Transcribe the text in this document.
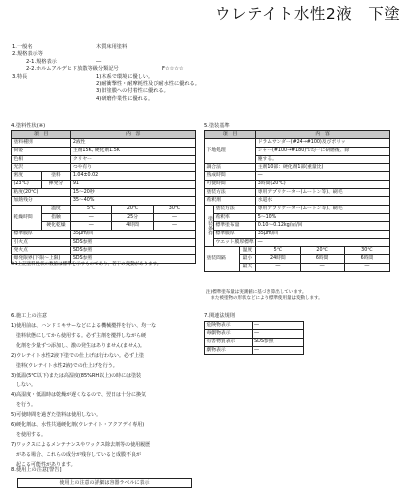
ウレテイト水性2液　下塗
1.一般名	木質床用塗料
2.規格表示等
2-1.規格表示	―
2-2.ホルムアルデヒド放散等級分類記号	F☆☆☆☆
3.特長	1)木系で環境に優しい。
2)耐衝撃性・耐摩耗性及び耐水性に優れる。
3)旧塗膜への付着性に優れる。
4)研磨作業性に優れる。
4.塗料性状(※)
項　目		内　容		
塗料種別		2液性		
荷姿		主剤15K, 硬化剤1.5K		
色相		クリヤー		
光沢		つや有り		
密度	塗料	1.04±0.02		
(23℃)	揮発分	91		
粘度(20℃)		15～20秒		
加熱残分		35～40%		
乾燥時間	温度	5℃	20℃	30℃
	指触	―	25分	―
	硬化乾燥	―	4時間	―
標準膜厚		35μm/回		
引火点		SDS参照		
発火点		SDS参照		
爆発限界(下限～上限)		SDS参照		
※1上記塗料性状の数値は標準を示すものであり、若干の変動があります。
5.塗装基準
項　目			内　容		
下地処理			ドラムサンダー(#24→#100)及びポリッ		
			シャー(#100→#180)で均一に研磨後、除		
			塵する。		
調合法			主剤10部：硬化剤1部(重量比)		
熟成時間			―		
可使時間			3時間(20℃)		
塗装方法			専用アプリケーター(ムートン等)、刷毛		
希釈剤			水道水		
塗装条件	塗装方法		専用アプリケーター(ムートン等)、刷毛		
	希釈率		5～10%		
	標準塗布量		0.10～0.12kg/㎡/回		
	標準膜厚		35μm/回		
	ウエット膜厚標準		―		
塗装間隔		温度	5℃	20℃	30℃
		最小	24時間	6時間	6時間
		最大	―	―	―
注)標準塗布量は実測値に基づき算出しています。
　また被塗物の形状などにより標準使用量は変動します。
6.施工上の注意
1)使用前は、ハンドミキサーなどによる機械攪拌を行い、均一な
　塗料状態にしてから使用する。必ず主剤を攪拌しながら硬
　化剤を少量ずつ添加し、激の発生はありません(ません)。
2)ウレテイト水性2液下塗での仕上げは行わない。必ず上塗
　塗料(ウレテイト水性2液)での仕上げを行う。
3)低温(5℃以下)または高湿度(85%RH以上)の時には塗装
　しない。
4)高湿度・低温時は乾燥が遅くなるので、翌日は十分に換気
　を行う。
5)可使時間を過ぎた塗料は使用しない。
6)硬化剤は、水性共通硬化剤(ウレテイト・アクアデイ専用)
　を使用する。
7)ワックスによるメンテナンスやワックス除去剤等の使用履歴
　がある場合、これらの成分が残存していると成膜不良が
　起こる可能性があります。
8.使用上の注意[警告]
使用上の注意の詳細は容器ラベルに表示
7.関連法規則
危険物表示	―
毒劇物表示	―
有害物質表示	SDS参照
劇物表示	―
